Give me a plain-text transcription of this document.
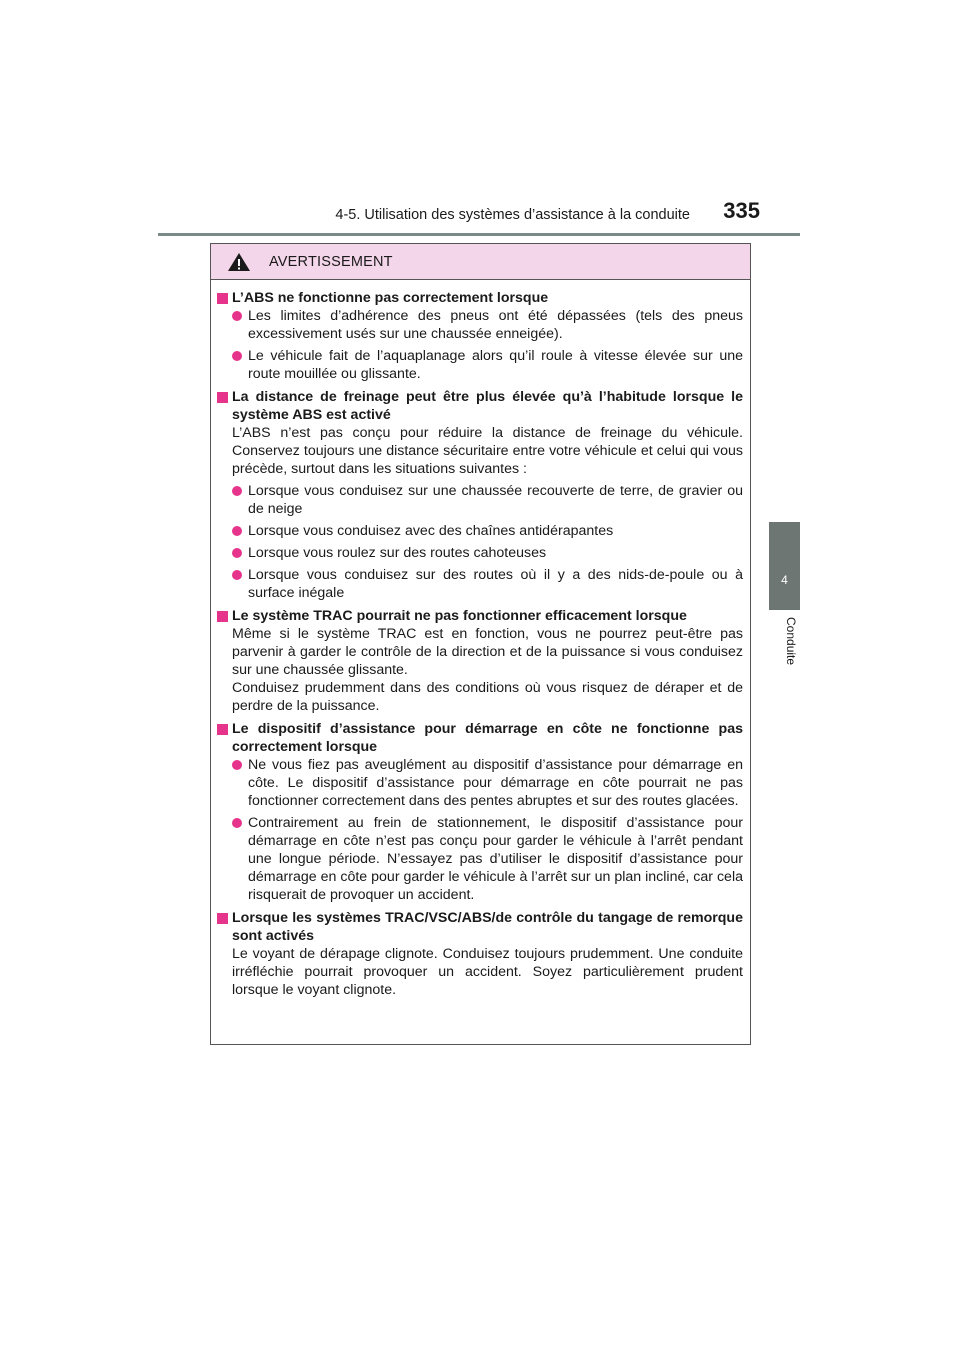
4-5. Utilisation des systèmes d’assistance à la conduite	335
4
Conduite
AVERTISSEMENT
L’ABS ne fonctionne pas correctement lorsque
Les limites d’adhérence des pneus ont été dépassées (tels des pneus excessivement usés sur une chaussée enneigée).
Le véhicule fait de l’aquaplanage alors qu’il roule à vitesse élevée sur une route mouillée ou glissante.
La distance de freinage peut être plus élevée qu’à l’habitude lorsque le système ABS est activé
L’ABS n’est pas conçu pour réduire la distance de freinage du véhicule. Conservez toujours une distance sécuritaire entre votre véhicule et celui qui vous précède, surtout dans les situations suivantes :
Lorsque vous conduisez sur une chaussée recouverte de terre, de gravier ou de neige
Lorsque vous conduisez avec des chaînes antidérapantes
Lorsque vous roulez sur des routes cahoteuses
Lorsque vous conduisez sur des routes où il y a des nids-de-poule ou à surface inégale
Le système TRAC pourrait ne pas fonctionner efficacement lorsque
Même si le système TRAC est en fonction, vous ne pourrez peut-être pas parvenir à garder le contrôle de la direction et de la puissance si vous conduisez sur une chaussée glissante.
Conduisez prudemment dans des conditions où vous risquez de déraper et de perdre de la puissance.
Le dispositif d’assistance pour démarrage en côte ne fonctionne pas correctement lorsque
Ne vous fiez pas aveuglément au dispositif d’assistance pour démarrage en côte. Le dispositif d’assistance pour démarrage en côte pourrait ne pas fonctionner correctement dans des pentes abruptes et sur des routes glacées.
Contrairement au frein de stationnement, le dispositif d’assistance pour démarrage en côte n’est pas conçu pour garder le véhicule à l’arrêt pendant une longue période. N’essayez pas d’utiliser le dispositif d’assistance pour démarrage en côte pour garder le véhicule à l’arrêt sur un plan incliné, car cela risquerait de provoquer un accident.
Lorsque les systèmes TRAC/VSC/ABS/de contrôle du tangage de remorque sont activés
Le voyant de dérapage clignote. Conduisez toujours prudemment. Une conduite irréfléchie pourrait provoquer un accident. Soyez particulièrement prudent lorsque le voyant clignote.
